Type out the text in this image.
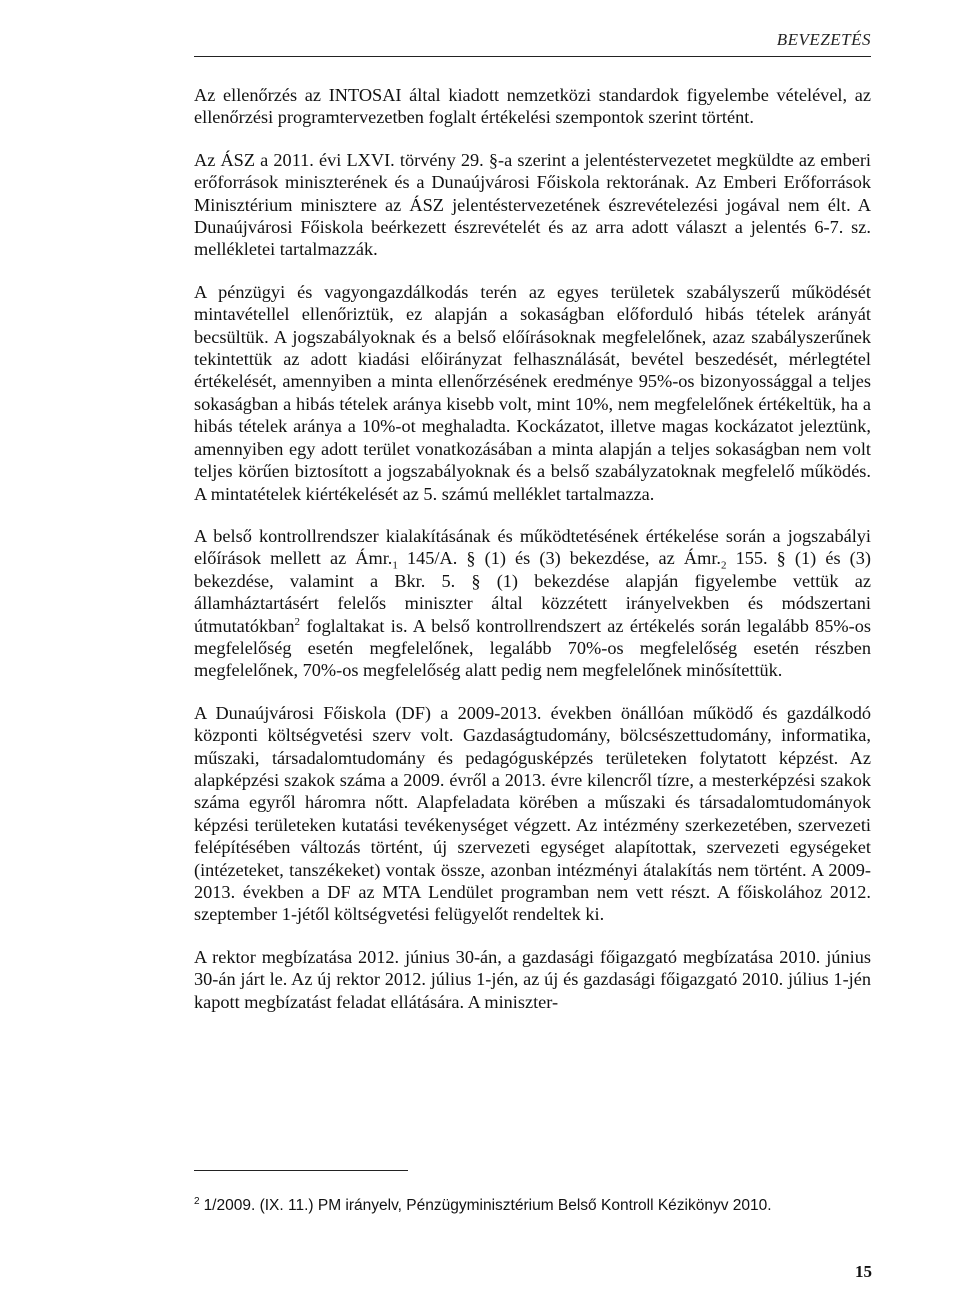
BEVEZETÉS

Az ellenőrzés az INTOSAI által kiadott nemzetközi standardok figyelembe vételével, az ellenőrzési programtervezetben foglalt értékelési szempontok szerint történt.

Az ÁSZ a 2011. évi LXVI. törvény 29. §-a szerint a jelentéstervezetet megküldte az emberi erőforrások miniszterének és a Dunaújvárosi Főiskola rektorának. Az Emberi Erőforrások Minisztérium minisztere az ÁSZ jelentéstervezetének észrevételezési jogával nem élt. A Dunaújvárosi Főiskola beérkezett észrevételét és az arra adott választ a jelentés 6-7. sz. mellékletei tartalmazzák.

A pénzügyi és vagyongazdálkodás terén az egyes területek szabályszerű működését mintavétellel ellenőriztük, ez alapján a sokaságban előforduló hibás tételek arányát becsültük. A jogszabályoknak és a belső előírásoknak megfelelőnek, azaz szabályszerűnek tekintettük az adott kiadási előirányzat felhasználását, bevétel beszedését, mérlegtétel értékelését, amennyiben a minta ellenőrzésének eredménye 95%-os bizonyossággal a teljes sokaságban a hibás tételek aránya kisebb volt, mint 10%, nem megfelelőnek értékeltük, ha a hibás tételek aránya a 10%-ot meghaladta. Kockázatot, illetve magas kockázatot jeleztünk, amennyiben egy adott terület vonatkozásában a minta alapján a teljes sokaságban nem volt teljes körűen biztosított a jogszabályoknak és a belső szabályzatoknak megfelelő működés. A mintatételek kiértékelését az 5. számú melléklet tartalmazza.

A belső kontrollrendszer kialakításának és működtetésének értékelése során a jogszabályi előírások mellett az $Ámr._1$ 145/A. § (1) és (3) bekezdése, az $Ámr._2$ 155. § (1) és (3) bekezdése, valamint a Bkr. 5. § (1) bekezdése alapján figyelembe vettük az államháztartásért felelős miniszter által közzétett irányelvekben és módszertani útmutatókban$^2$ foglaltakat is. A belső kontrollrendszert az értékelés során legalább 85%-os megfelelőség esetén megfelelőnek, legalább 70%-os megfelelőség esetén részben megfelelőnek, 70%-os megfelelőség alatt pedig nem megfelelőnek minősítettük.

A Dunaújvárosi Főiskola (DF) a 2009-2013. években önállóan működő és gazdálkodó központi költségvetési szerv volt. Gazdaságtudomány, bölcsészettudomány, informatika, műszaki, társadalomtudomány és pedagógusképzés területeken folytatott képzést. Az alapképzési szakok száma a 2009. évről a 2013. évre kilencről tízre, a mesterképzési szakok száma egyről háromra nőtt. Alapfeladata körében a műszaki és társadalomtudományok képzési területeken kutatási tevékenységet végzett. Az intézmény szerkezetében, szervezeti felépítésében változás történt, új szervezeti egységet alapítottak, szervezeti egységeket (intézeteket, tanszékeket) vontak össze, azonban intézményi átalakítás nem történt. A 2009-2013. években a DF az MTA Lendület programban nem vett részt. A főiskolához 2012. szeptember 1-jétől költségvetési felügyelőt rendeltek ki.

A rektor megbízatása 2012. június 30-án, a gazdasági főigazgató megbízatása 2010. június 30-án járt le. Az új rektor 2012. július 1-jén, az új és gazdasági főigazgató 2010. július 1-jén kapott megbízatást feladat ellátására. A miniszter-

$^2$ 1/2009. (IX. 11.) PM irányelv, Pénzügyminisztérium Belső Kontroll Kézikönyv 2010.
15
